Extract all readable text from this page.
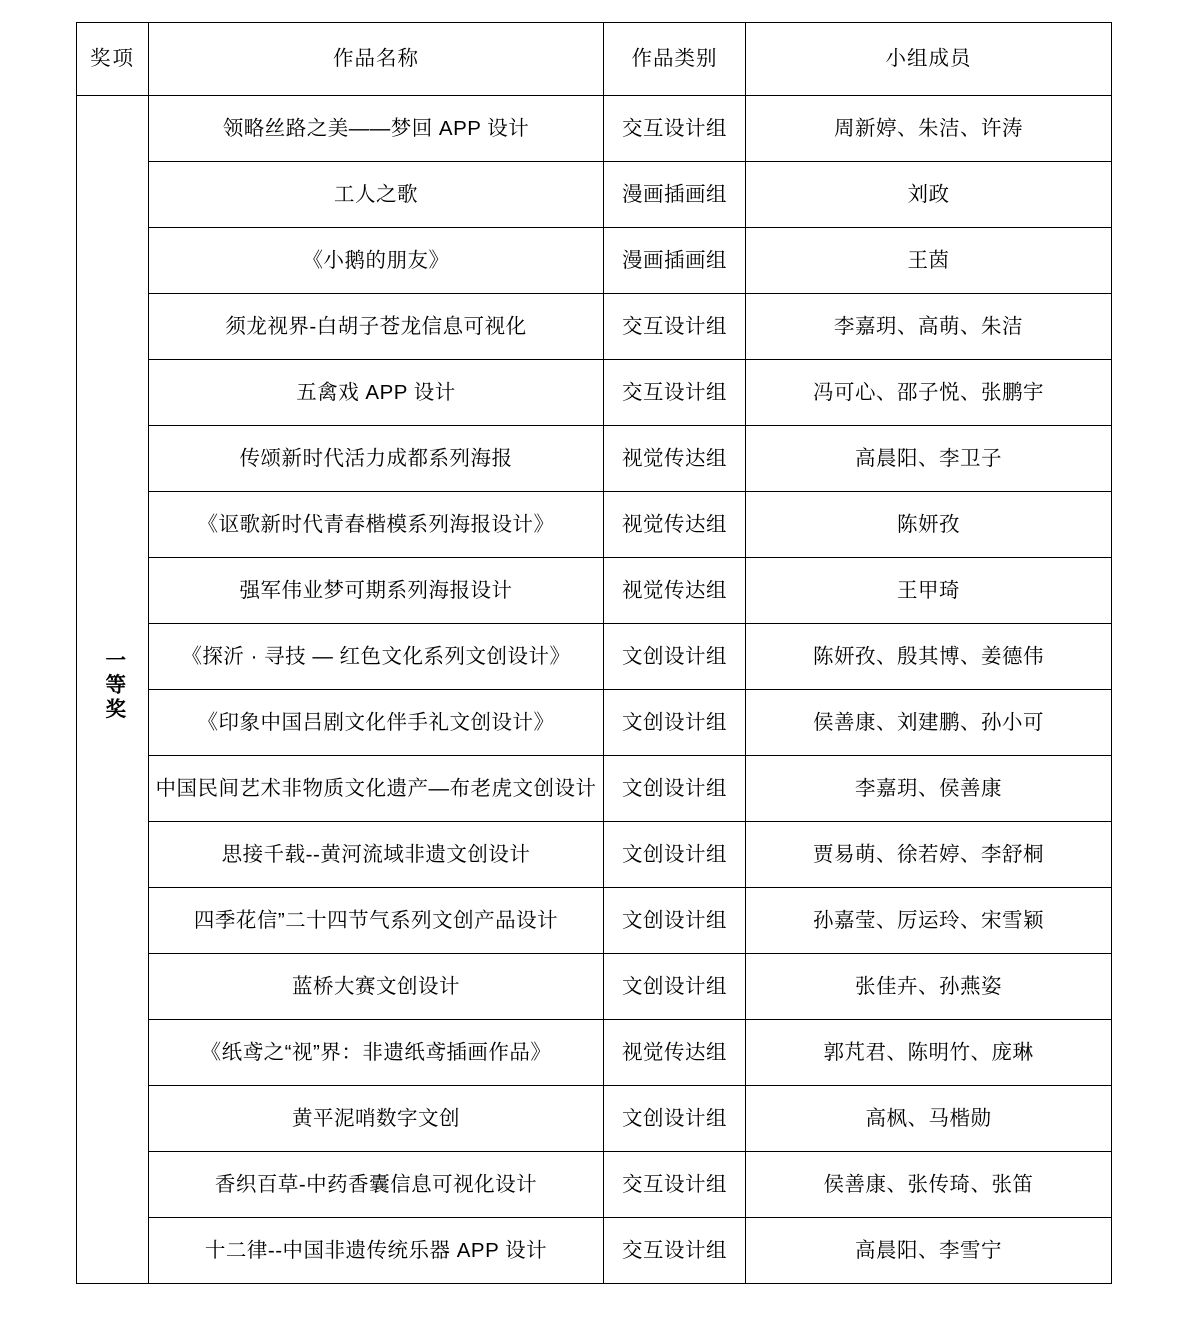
奖项	作品名称	作品类别	小组成员
一等奖	领略丝路之美——梦回 APP 设计	交互设计组	周新婷、朱洁、许涛
	工人之歌	漫画插画组	刘政
	《小鹅的朋友》	漫画插画组	王茵
	须龙视界-白胡子苍龙信息可视化	交互设计组	李嘉玥、高萌、朱洁
	五禽戏 APP 设计	交互设计组	冯可心、邵子悦、张鹏宇
	传颂新时代活力成都系列海报	视觉传达组	高晨阳、李卫子
	《讴歌新时代青春楷模系列海报设计》	视觉传达组	陈妍孜
	强军伟业梦可期系列海报设计	视觉传达组	王甲琦
	《探沂 · 寻技 — 红色文化系列文创设计》	文创设计组	陈妍孜、殷其博、姜德伟
	《印象中国吕剧文化伴手礼文创设计》	文创设计组	侯善康、刘建鹏、孙小可
	中国民间艺术非物质文化遗产—布老虎文创设计	文创设计组	李嘉玥、侯善康
	思接千载--黄河流域非遗文创设计	文创设计组	贾易萌、徐若婷、李舒桐
	四季花信”二十四节气系列文创产品设计	文创设计组	孙嘉莹、厉运玲、宋雪颖
	蓝桥大赛文创设计	文创设计组	张佳卉、孙燕姿
	《纸鸢之“视”界：非遗纸鸢插画作品》	视觉传达组	郭芃君、陈明竹、庞琳
	黄平泥哨数字文创	文创设计组	高枫、马楷勋
	香织百草-中药香囊信息可视化设计	交互设计组	侯善康、张传琦、张笛
	十二律--中国非遗传统乐器 APP 设计	交互设计组	高晨阳、李雪宁
